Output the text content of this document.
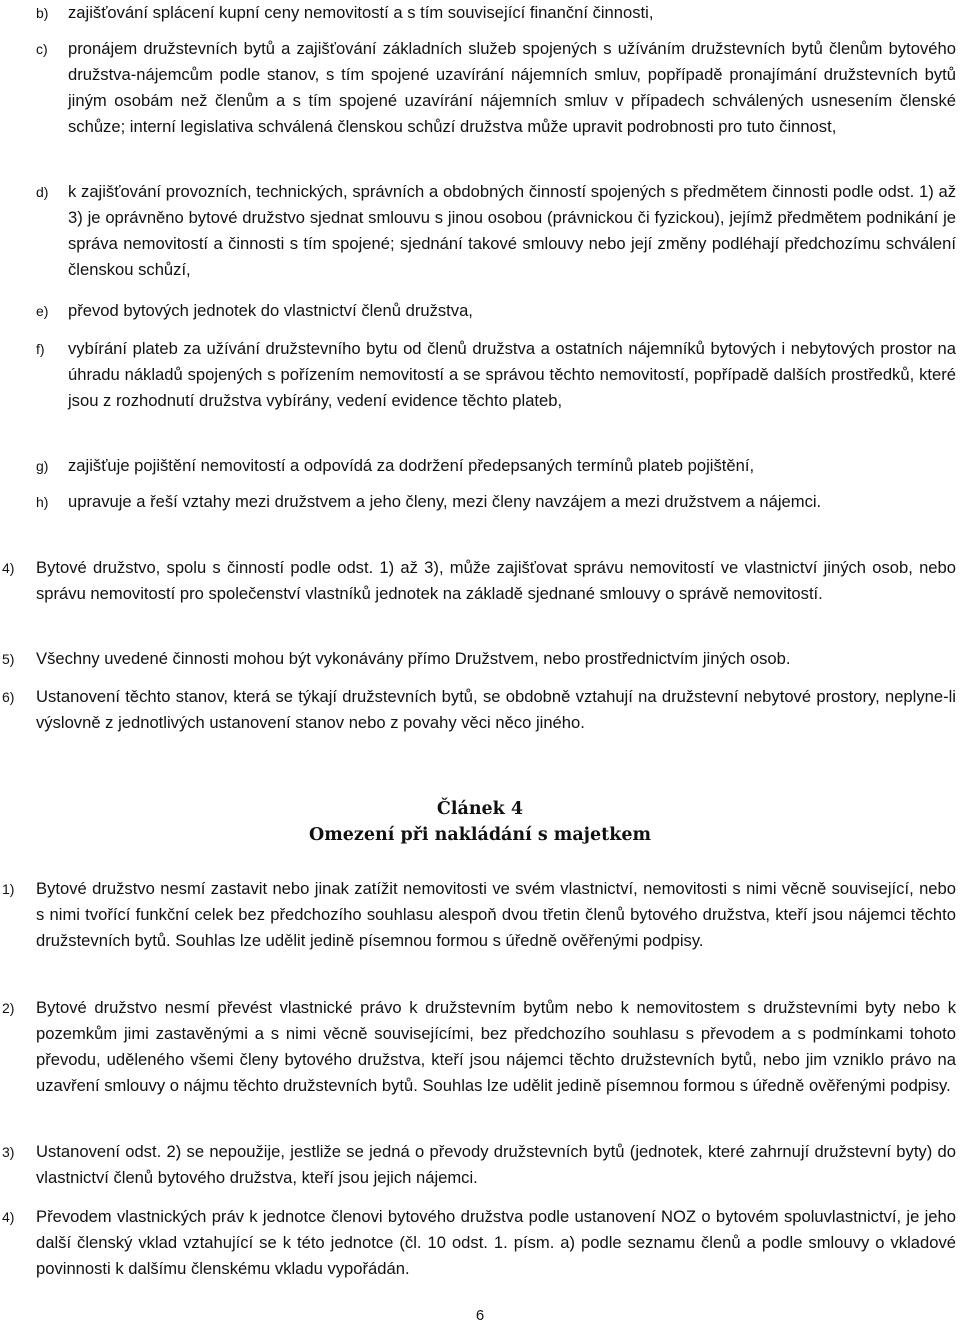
b) zajišťování splácení kupní ceny nemovitostí a s tím související finanční činnosti,
c) pronájem družstevních bytů a zajišťování základních služeb spojených s užíváním družstevních bytů členům bytového družstva-nájemcům podle stanov, s tím spojené uzavírání nájemních smluv, popřípadě pronajímání družstevních bytů jiným osobám než členům a s tím spojené uzavírání nájemních smluv v případech schválených usnesením členské schůze; interní legislativa schválená členskou schůzí družstva může upravit podrobnosti pro tuto činnost,
d) k zajišťování provozních, technických, správních a obdobných činností spojených s předmětem činnosti podle odst. 1) až 3) je oprávněno bytové družstvo sjednat smlouvu s jinou osobou (právnickou či fyzickou), jejímž předmětem podnikání je správa nemovitostí a činnosti s tím spojené; sjednání takové smlouvy nebo její změny podléhají předchozímu schválení členskou schůzí,
e) převod bytových jednotek do vlastnictví členů družstva,
f) vybírání plateb za užívání družstevního bytu od členů družstva a ostatních nájemníků bytových i nebytových prostor na úhradu nákladů spojených s pořízením nemovitostí a se správou těchto nemovitostí, popřípadě dalších prostředků, které jsou z rozhodnutí družstva vybírány, vedení evidence těchto plateb,
g) zajišťuje pojištění nemovitostí a odpovídá za dodržení předepsaných termínů plateb pojištění,
h) upravuje a řeší vztahy mezi družstvem a jeho členy, mezi členy navzájem a mezi družstvem a nájemci.
4) Bytové družstvo, spolu s činností podle odst. 1) až 3), může zajišťovat správu nemovitostí ve vlastnictví jiných osob, nebo správu nemovitostí pro společenství vlastníků jednotek na základě sjednané smlouvy o správě nemovitostí.
5) Všechny uvedené činnosti mohou být vykonávány přímo Družstvem, nebo prostřednictvím jiných osob.
6) Ustanovení těchto stanov, která se týkají družstevních bytů, se obdobně vztahují na družstevní nebytové prostory, neplyne-li výslovně z jednotlivých ustanovení stanov nebo z povahy věci něco jiného.
Článek 4
Omezení při nakládání s majetkem
1) Bytové družstvo nesmí zastavit nebo jinak zatížit nemovitosti ve svém vlastnictví, nemovitosti s nimi věcně související, nebo s nimi tvořící funkční celek bez předchozího souhlasu alespoň dvou třetin členů bytového družstva, kteří jsou nájemci těchto družstevních bytů. Souhlas lze udělit jedině písemnou formou s úředně ověřenými podpisy.
2) Bytové družstvo nesmí převést vlastnické právo k družstevním bytům nebo k nemovitostem s družstevními byty nebo k pozemkům jimi zastavěnými a s nimi věcně souvisejícími, bez předchozího souhlasu s převodem a s podmínkami tohoto převodu, uděleného všemi členy bytového družstva, kteří jsou nájemci těchto družstevních bytů, nebo jim vzniklo právo na uzavření smlouvy o nájmu těchto družstevních bytů. Souhlas lze udělit jedině písemnou formou s úředně ověřenými podpisy.
3) Ustanovení odst. 2) se nepoužije, jestliže se jedná o převody družstevních bytů (jednotek, které zahrnují družstevní byty) do vlastnictví členů bytového družstva, kteří jsou jejich nájemci.
4) Převodem vlastnických práv k jednotce členovi bytového družstva podle ustanovení NOZ o bytovém spoluvlastnictví, je jeho další členský vklad vztahující se k této jednotce (čl. 10 odst. 1. písm. a) podle seznamu členů a podle smlouvy o vkladové povinnosti k dalšímu členskému vkladu vypořádán.
6
